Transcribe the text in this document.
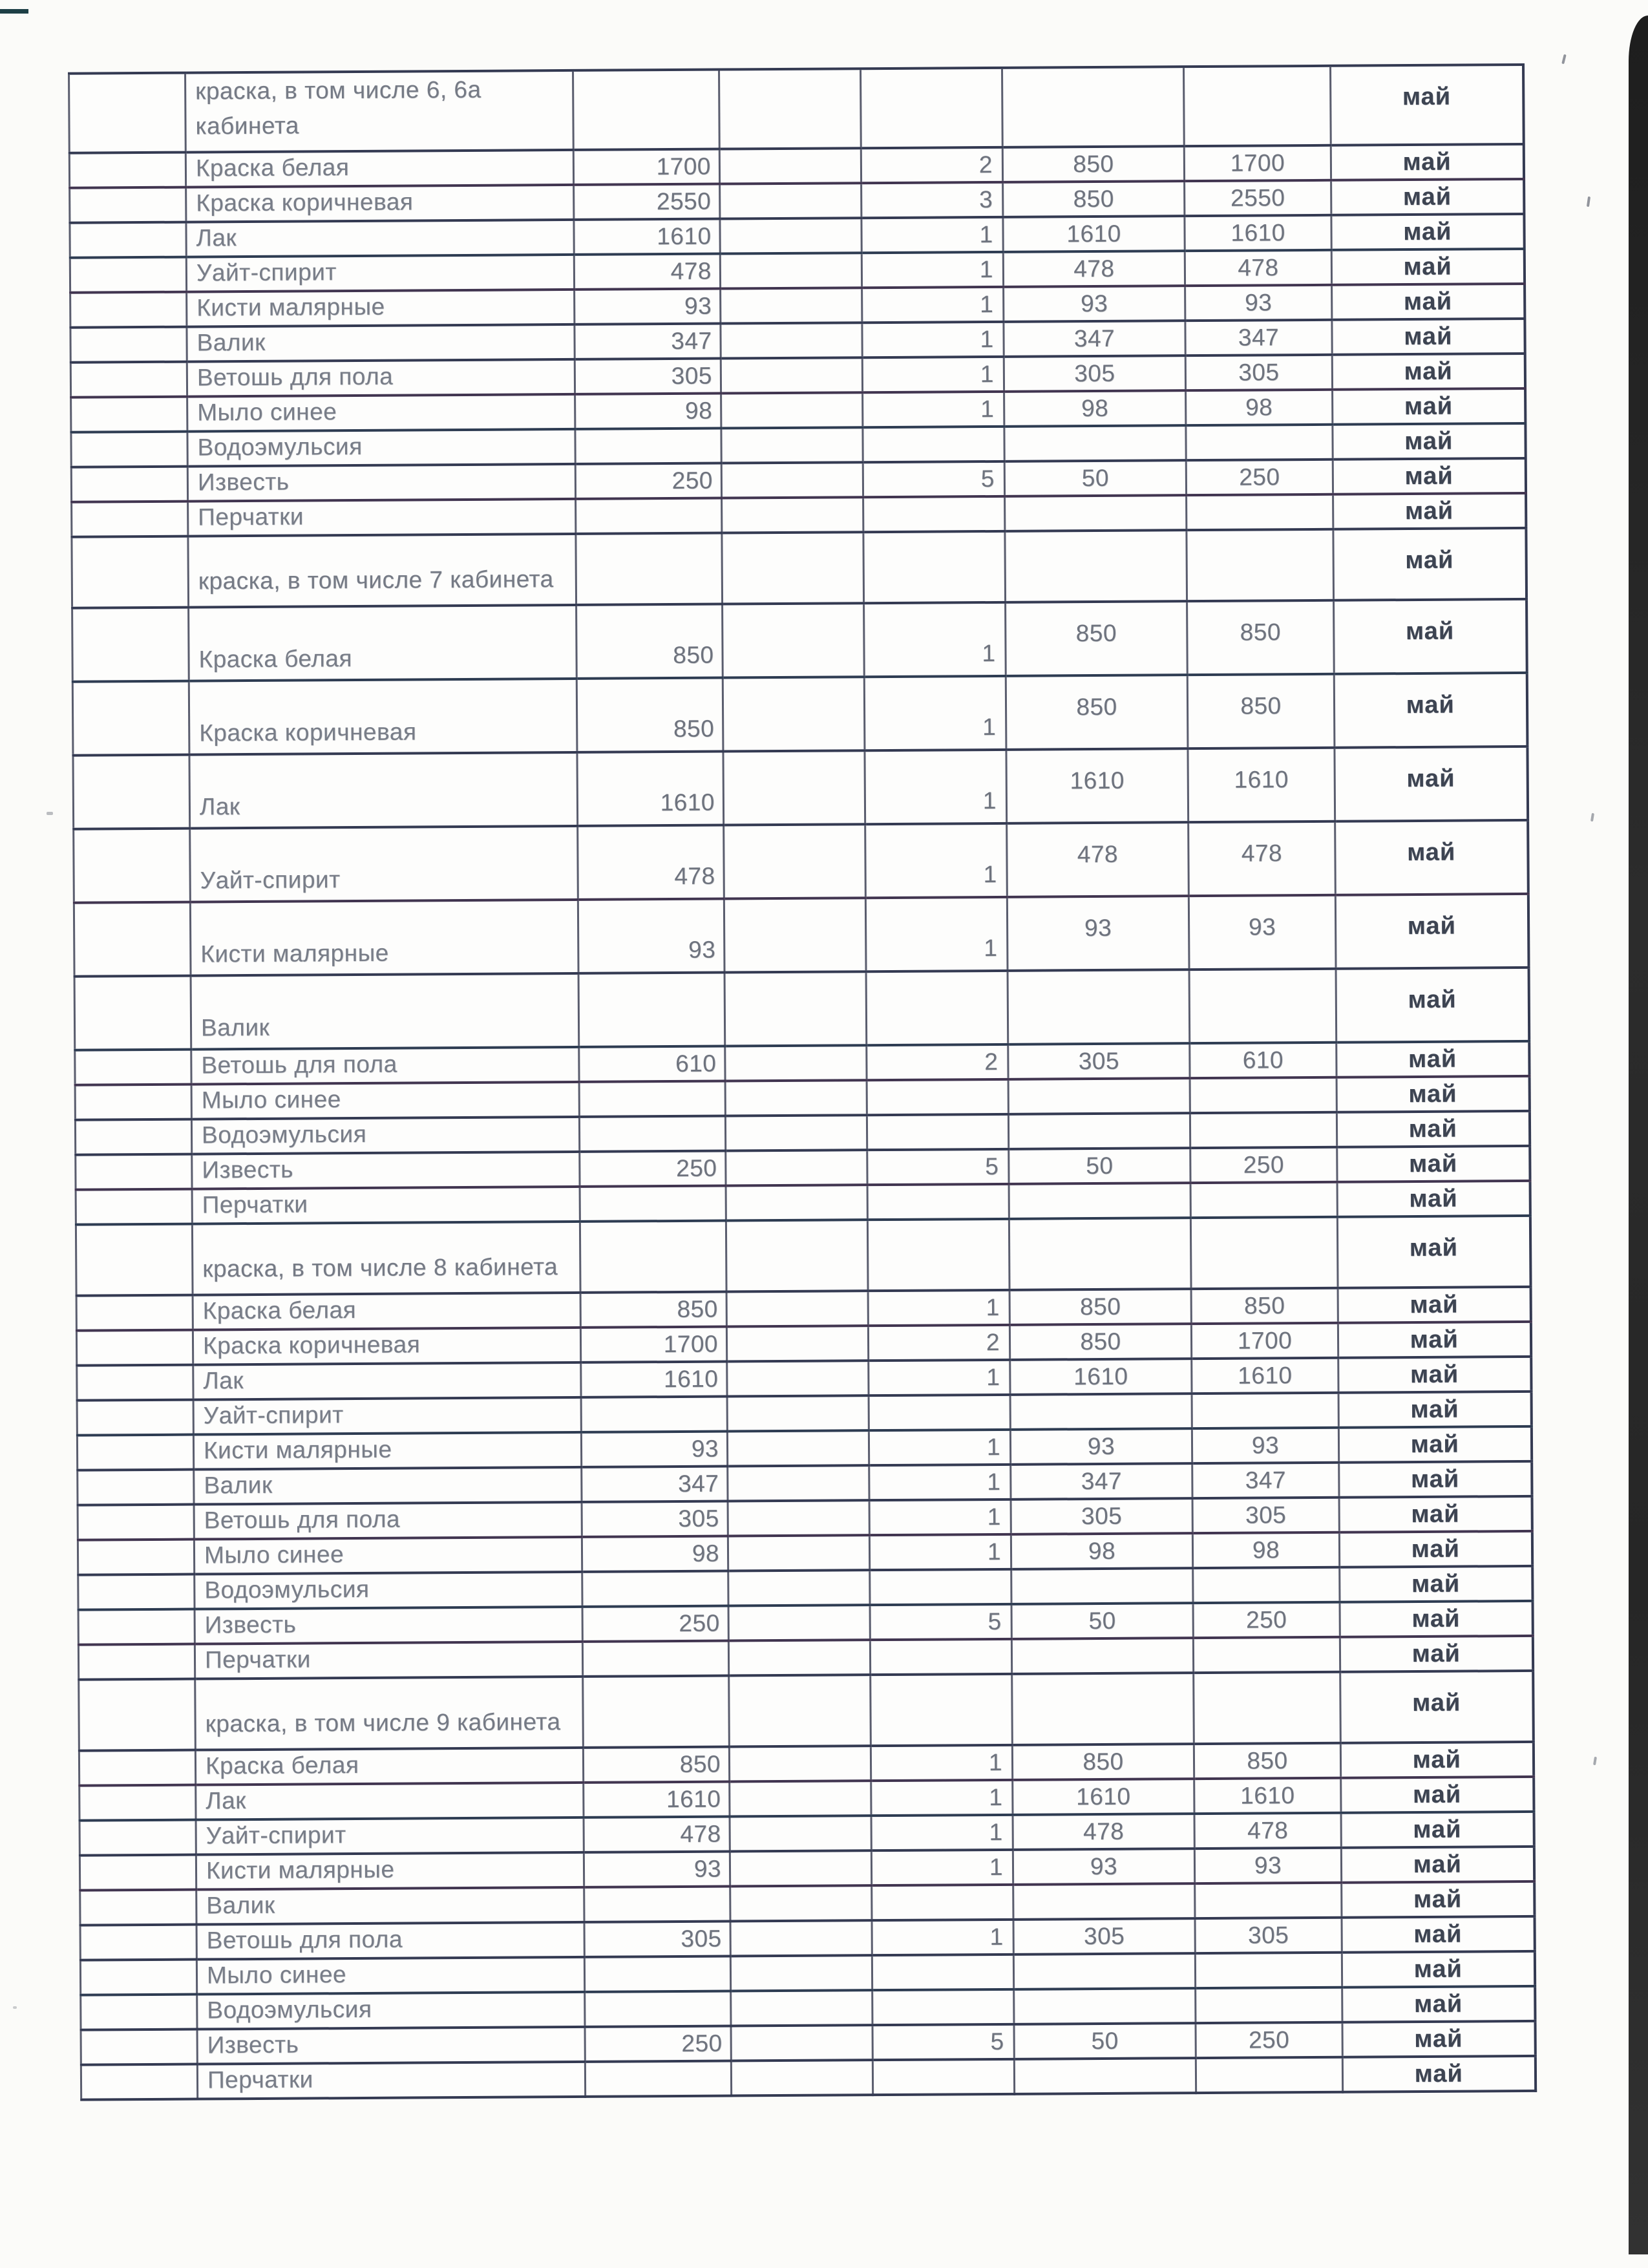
	краска, в том числе 6, 6а кабинета						май
	Краска белая	1700		2	850	1700	май
	Краска коричневая	2550		3	850	2550	май
	Лак	1610		1	1610	1610	май
	Уайт-спирит	478		1	478	478	май
	Кисти малярные	93		1	93	93	май
	Валик	347		1	347	347	май
	Ветошь для пола	305		1	305	305	май
	Мыло синее	98		1	98	98	май
	Водоэмульсия						май
	Известь	250		5	50	250	май
	Перчатки						май
	краска, в том числе 7 кабинета						май
	Краска белая	850		1	850	850	май
	Краска коричневая	850		1	850	850	май
	Лак	1610		1	1610	1610	май
	Уайт-спирит	478		1	478	478	май
	Кисти малярные	93		1	93	93	май
	Валик						май
	Ветошь для пола	610		2	305	610	май
	Мыло синее						май
	Водоэмульсия						май
	Известь	250		5	50	250	май
	Перчатки						май
	краска, в том числе 8 кабинета						май
	Краска белая	850		1	850	850	май
	Краска коричневая	1700		2	850	1700	май
	Лак	1610		1	1610	1610	май
	Уайт-спирит						май
	Кисти малярные	93		1	93	93	май
	Валик	347		1	347	347	май
	Ветошь для пола	305		1	305	305	май
	Мыло синее	98		1	98	98	май
	Водоэмульсия						май
	Известь	250		5	50	250	май
	Перчатки						май
	краска, в том числе 9 кабинета						май
	Краска белая	850		1	850	850	май
	Лак	1610		1	1610	1610	май
	Уайт-спирит	478		1	478	478	май
	Кисти малярные	93		1	93	93	май
	Валик						май
	Ветошь для пола	305		1	305	305	май
	Мыло синее						май
	Водоэмульсия						май
	Известь	250		5	50	250	май
	Перчатки						май
